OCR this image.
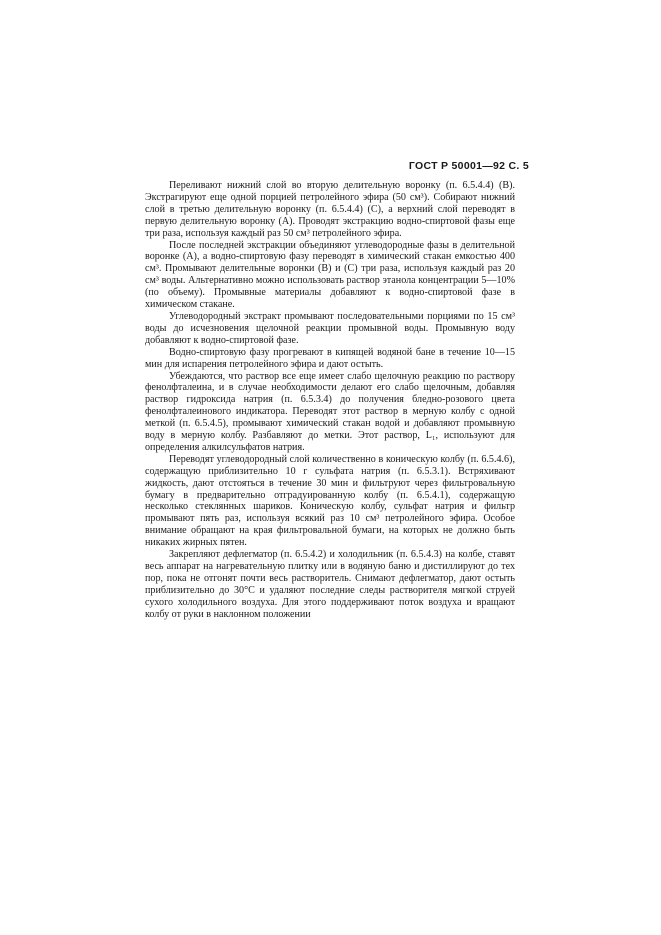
ГОСТ Р 50001—92 С. 5

Переливают нижний слой во вторую делительную воронку (п. 6.5.4.4) (В). Экстрагируют еще одной порцией петролейного эфира (50 см³). Собирают нижний слой в третью делительную воронку (п. 6.5.4.4) (С), а верхний слой переводят в первую делительную воронку (А). Проводят экстракцию водно-спиртовой фазы еще три раза, используя каждый раз 50 см³ петролейного эфира.

После последней экстракции объединяют углеводородные фазы в делительной воронке (А), а водно-спиртовую фазу переводят в химический стакан емкостью 400 см³. Промывают делительные воронки (В) и (С) три раза, используя каждый раз 20 см³ воды. Альтернативно можно использовать раствор этанола концентрации 5—10% (по объему). Промывные материалы добавляют к водно-спиртовой фазе в химическом стакане.

Углеводородный экстракт промывают последовательными порциями по 15 см³ воды до исчезновения щелочной реакции промывной воды. Промывную воду добавляют к водно-спиртовой фазе.

Водно-спиртовую фазу прогревают в кипящей водяной бане в течение 10—15 мин для испарения петролейного эфира и дают остыть.

Убеждаются, что раствор все еще имеет слабо щелочную реакцию по раствору фенолфталеина, и в случае необходимости делают его слабо щелочным, добавляя раствор гидроксида натрия (п. 6.5.3.4) до получения бледно-розового цвета фенолфталеинового индикатора. Переводят этот раствор в мерную колбу с одной меткой (п. 6.5.4.5), промывают химический стакан водой и добавляют промывную воду в мерную колбу. Разбавляют до метки. Этот раствор, L₁, используют для определения алкилсульфатов натрия.

Переводят углеводородный слой количественно в коническую колбу (п. 6.5.4.6), содержащую приблизительно 10 г сульфата натрия (п. 6.5.3.1). Встряхивают жидкость, дают отстояться в течение 30 мин и фильтруют через фильтровальную бумагу в предварительно отградуированную колбу (п. 6.5.4.1), содержащую несколько стеклянных шариков. Коническую колбу, сульфат натрия и фильтр промывают пять раз, используя всякий раз 10 см³ петролейного эфира. Особое внимание обращают на края фильтровальной бумаги, на которых не должно быть никаких жирных пятен.

Закрепляют дефлегматор (п. 6.5.4.2) и холодильник (п. 6.5.4.3) на колбе, ставят весь аппарат на нагревательную плитку или в водяную баню и дистиллируют до тех пор, пока не отгонят почти весь растворитель. Снимают дефлегматор, дают остыть приблизительно до 30°С и удаляют последние следы растворителя мягкой струей сухого холодильного воздуха. Для этого поддерживают поток воздуха и вращают колбу от руки в наклонном положении
